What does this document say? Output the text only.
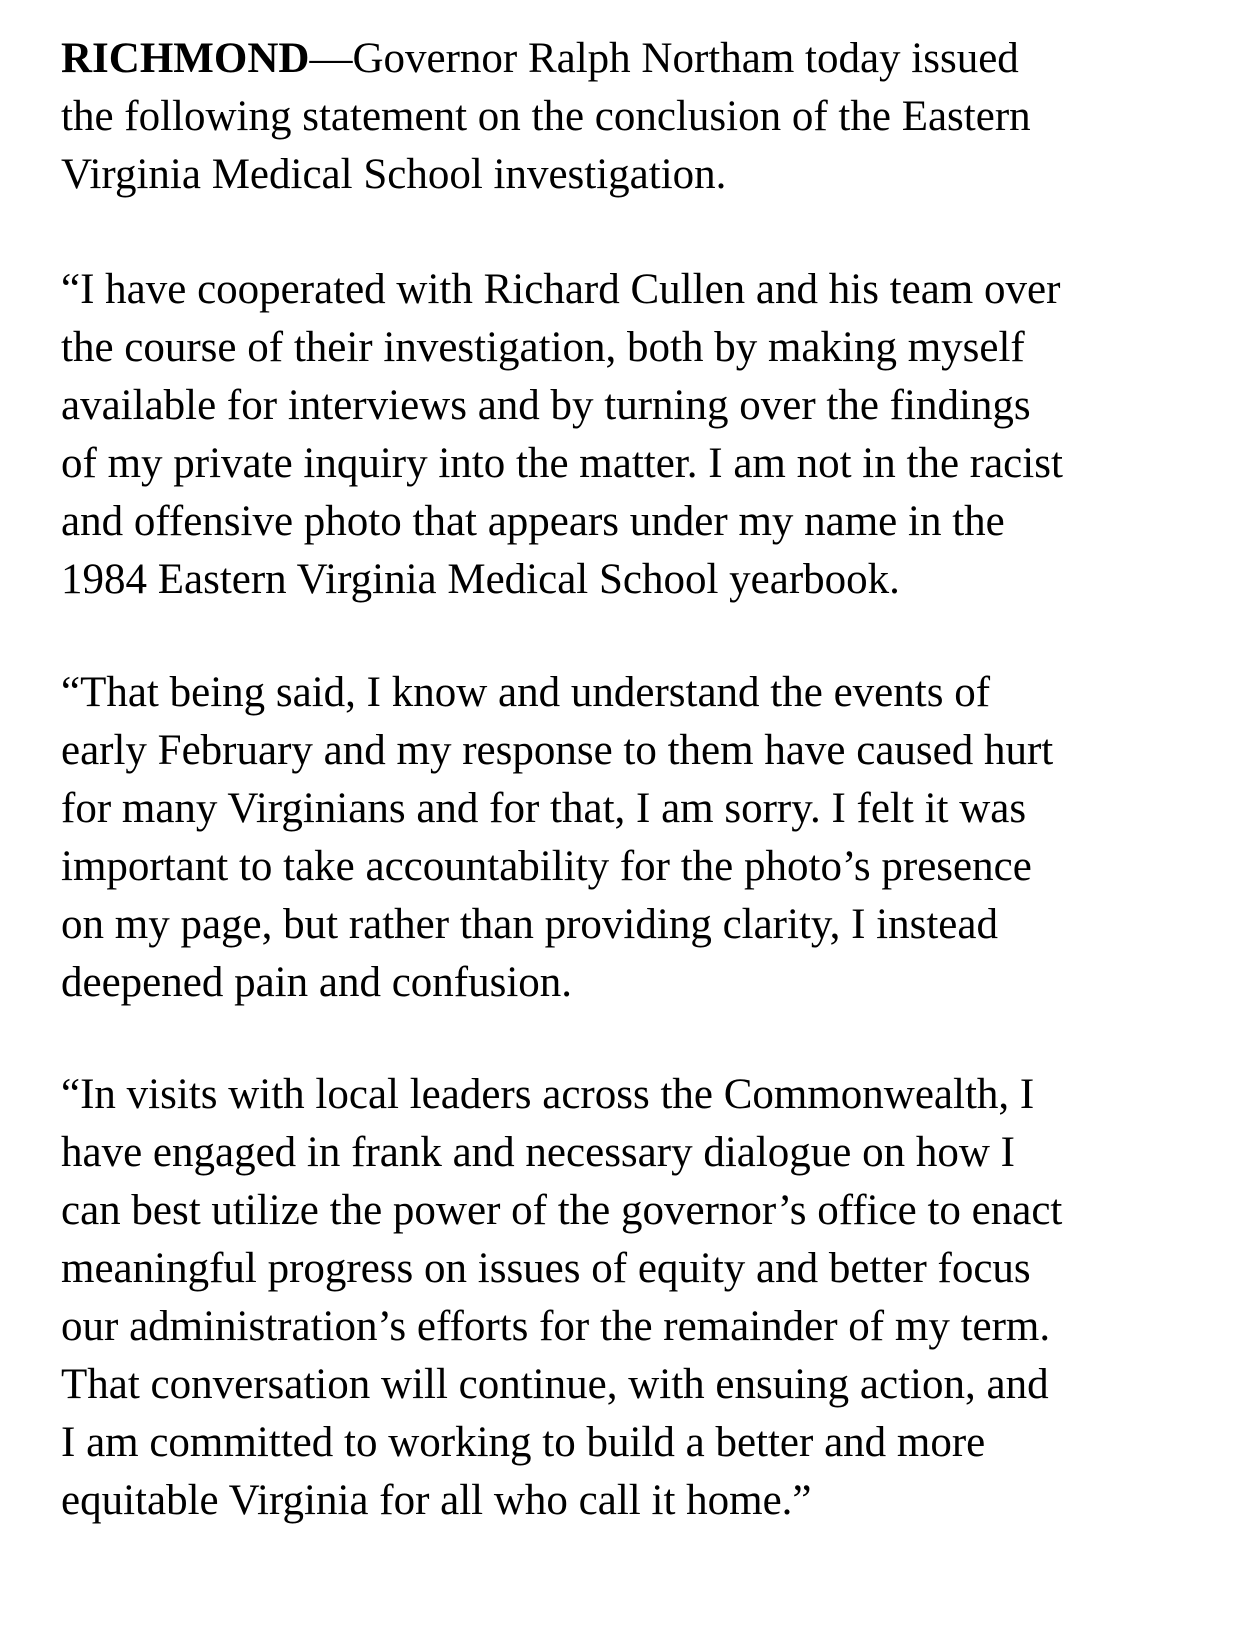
RICHMOND—Governor Ralph Northam today issued
the following statement on the conclusion of the Eastern
Virginia Medical School investigation.

“I have cooperated with Richard Cullen and his team over
the course of their investigation, both by making myself
available for interviews and by turning over the findings
of my private inquiry into the matter. I am not in the racist
and offensive photo that appears under my name in the
1984 Eastern Virginia Medical School yearbook.

“That being said, I know and understand the events of
early February and my response to them have caused hurt
for many Virginians and for that, I am sorry. I felt it was
important to take accountability for the photo’s presence
on my page, but rather than providing clarity, I instead
deepened pain and confusion.

“In visits with local leaders across the Commonwealth, I
have engaged in frank and necessary dialogue on how I
can best utilize the power of the governor’s office to enact
meaningful progress on issues of equity and better focus
our administration’s efforts for the remainder of my term.
That conversation will continue, with ensuing action, and
I am committed to working to build a better and more
equitable Virginia for all who call it home.”
